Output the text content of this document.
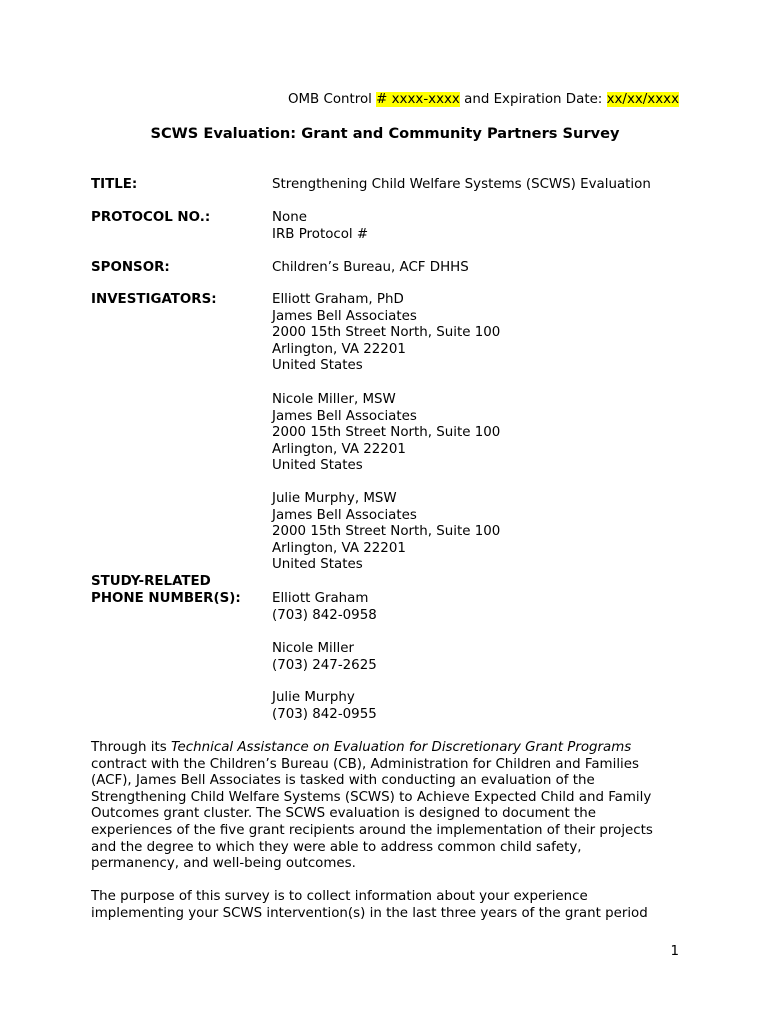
OMB Control # xxxx-xxxx and Expiration Date: xx/xx/xxxx
SCWS Evaluation: Grant and Community Partners Survey
TITLE:	Strengthening Child Welfare Systems (SCWS) Evaluation
PROTOCOL NO.:	None
IRB Protocol #
SPONSOR:	Children’s Bureau, ACF DHHS
INVESTIGATORS:	Elliott Graham, PhD
James Bell Associates
2000 15th Street North, Suite 100
Arlington, VA 22201
United States
Nicole Miller, MSW
James Bell Associates
2000 15th Street North, Suite 100
Arlington, VA 22201
United States
Julie Murphy, MSW
James Bell Associates
2000 15th Street North, Suite 100
Arlington, VA 22201
United States
STUDY-RELATED
PHONE NUMBER(S): Elliott Graham
(703) 842-0958
Nicole Miller
(703) 247-2625
Julie Murphy
(703) 842-0955
Through its Technical Assistance on Evaluation for Discretionary Grant Programs
contract with the Children’s Bureau (CB), Administration for Children and Families
(ACF), James Bell Associates is tasked with conducting an evaluation of the
Strengthening Child Welfare Systems (SCWS) to Achieve Expected Child and Family
Outcomes grant cluster. The SCWS evaluation is designed to document the
experiences of the five grant recipients around the implementation of their projects
and the degree to which they were able to address common child safety,
permanency, and well-being outcomes.
The purpose of this survey is to collect information about your experience
implementing your SCWS intervention(s) in the last three years of the grant period
1
